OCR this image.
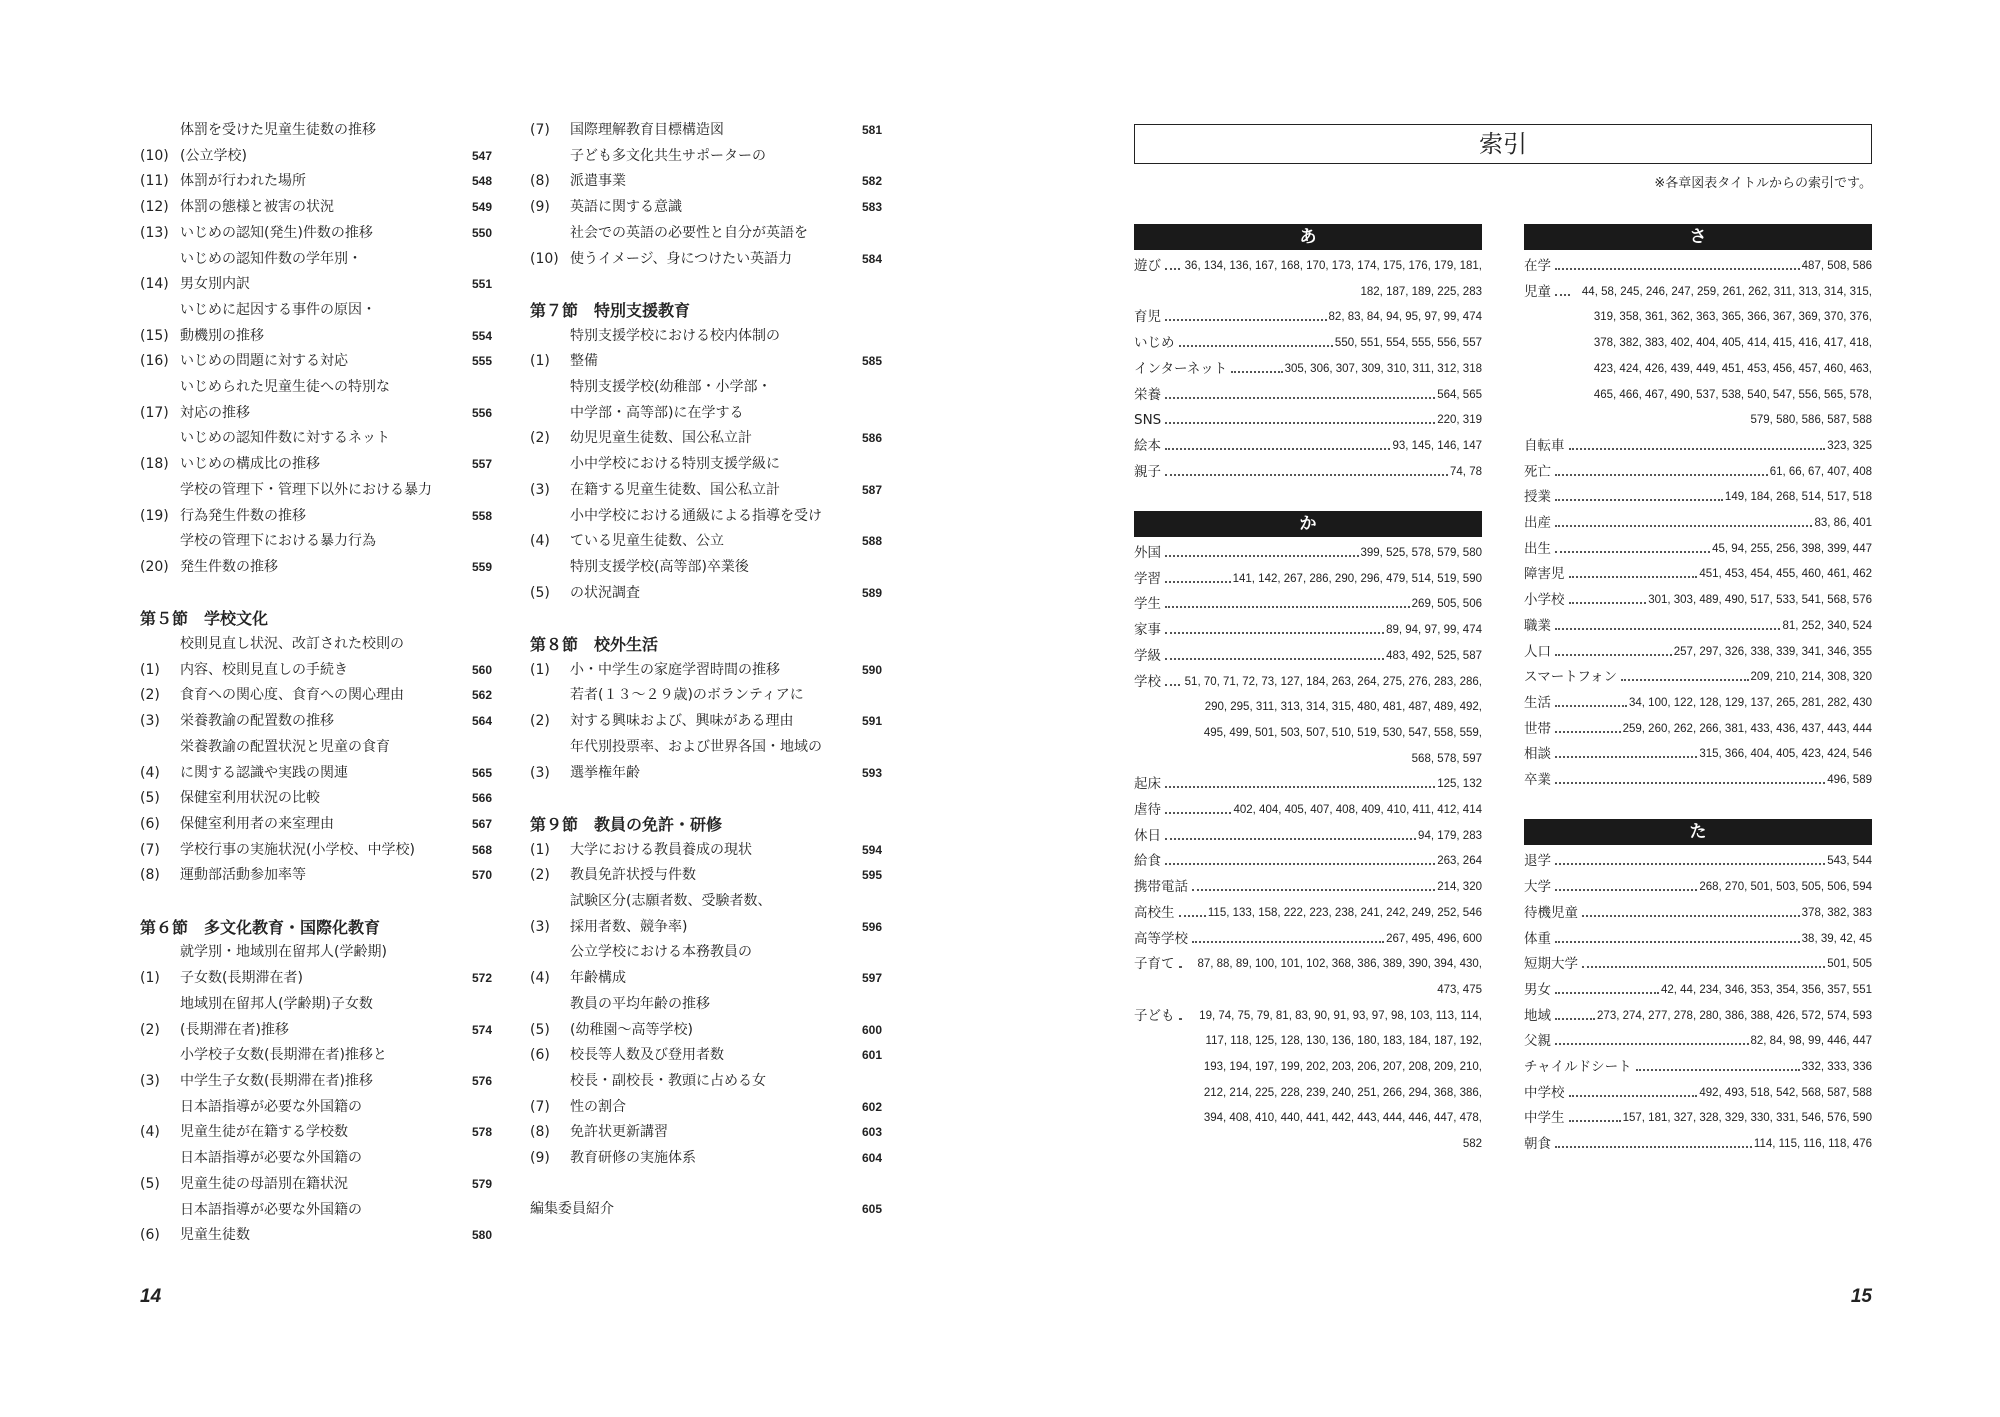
(10)
体罰を受けた児童生徒数の推移
(公立学校)	547
(11) 体罰が行われた場所	548
(12) 体罰の態様と被害の状況	549
(13) いじめの認知(発生)件数の推移	550
(14)
いじめの認知件数の学年別・
男女別内訳	551
(15)
いじめに起因する事件の原因・
動機別の推移	554
(16) いじめの問題に対する対応	555
(17)
いじめられた児童生徒への特別な
対応の推移	556
(18)
いじめの認知件数に対するネット
いじめの構成比の推移	557
(19)
学校の管理下・管理下以外における暴力
行為発生件数の推移	558
(20)
学校の管理下における暴力行為
発生件数の推移	559
第５節　学校文化
(1)
校則見直し状況、改訂された校則の
内容、校則見直しの手続き	560
(2)	食育への関心度、食育への関心理由	562
(3)	栄養教諭の配置数の推移	564
(4)
栄養教諭の配置状況と児童の食育
に関する認識や実践の関連	565
(5)	保健室利用状況の比較	566
(6)	保健室利用者の来室理由	567
(7)	学校行事の実施状況(小学校、中学校)	568
(8)	運動部活動参加率等	570
第６節　多文化教育・国際化教育
(1)
就学別・地域別在留邦人(学齢期)
子女数(長期滞在者)	572
(2)
地域別在留邦人(学齢期)子女数
(長期滞在者)推移	574
(3)
小学校子女数(長期滞在者)推移と
中学生子女数(長期滞在者)推移	576
(4)
日本語指導が必要な外国籍の
児童生徒が在籍する学校数	578
(5)
日本語指導が必要な外国籍の
児童生徒の母語別在籍状況	579
(6)
日本語指導が必要な外国籍の
児童生徒数	580
(7)	国際理解教育目標構造図	581
(8)
子ども多文化共生サポーターの
派遣事業	582
(9)	英語に関する意識	583
(10)
社会での英語の必要性と自分が英語を
使うイメージ、身につけたい英語力	584
第７節　特別支援教育
(1)
特別支援学校における校内体制の
整備	585
(2)
特別支援学校(幼稚部・小学部・
中学部・高等部)に在学する
幼児児童生徒数、国公私立計	586
(3)
小中学校における特別支援学級に
在籍する児童生徒数、国公私立計	587
(4)
小中学校における通級による指導を受け
ている児童生徒数、公立	588
(5)
特別支援学校(高等部)卒業後
の状況調査	589
第８節　校外生活
(1)	小・中学生の家庭学習時間の推移	590
(2)
若者(１３～２９歳)のボランティアに
対する興味および、興味がある理由	591
(3)
年代別投票率、および世界各国・地域の
選挙権年齢	593
第９節　教員の免許・研修
(1)	大学における教員養成の現状	594
(2)	教員免許状授与件数	595
(3)
試験区分(志願者数、受験者数、
採用者数、競争率)	596
(4)
公立学校における本務教員の
年齢構成	597
(5)
教員の平均年齢の推移
(幼稚園～高等学校)	600
(6)	校長等人数及び登用者数	601
(7)
校長・副校長・教頭に占める女
性の割合	602
(8)	免許状更新講習	603
(9)	教育研修の実施体系	604
編集委員紹介	605
索引
※各章図表タイトルからの索引です。
あ
遊び 36, 134, 136, 167, 168, 170, 173, 174, 175, 176, 179, 181, 182, 187, 189, 225, 283
育児	82, 83, 84, 94, 95, 97, 99, 474
いじめ	550, 551, 554, 555, 556, 557
インターネット	305, 306, 307, 309, 310, 311, 312, 318
栄養	564, 565
SNS	220, 319
絵本	93, 145, 146, 147
親子	74, 78
か
外国	399, 525, 578, 579, 580
学習	141, 142, 267, 286, 290, 296, 479, 514, 519, 590
学生	269, 505, 506
家事	89, 94, 97, 99, 474
学級	483, 492, 525, 587
学校 51, 70, 71, 72, 73, 127, 184, 263, 264, 275, 276, 283, 286, 290, 295, 311, 313, 314, 315, 480, 481, 487, 489, 492, 495, 499, 501, 503, 507, 510, 519, 530, 547, 558, 559, 568, 578, 597
起床	125, 132
虐待	402, 404, 405, 407, 408, 409, 410, 411, 412, 414
休日	94, 179, 283
給食	263, 264
携帯電話	214, 320
高校生	115, 133, 158, 222, 223, 238, 241, 242, 249, 252, 546
高等学校	267, 495, 496, 600
子育て	87, 88, 89, 100, 101, 102, 368, 386, 389, 390, 394, 430, 473, 475
子ども	19, 74, 75, 79, 81, 83, 90, 91, 93, 97, 98, 103, 113, 114, 117, 118, 125, 128, 130, 136, 180, 183, 184, 187, 192, 193, 194, 197, 199, 202, 203, 206, 207, 208, 209, 210, 212, 214, 225, 228, 239, 240, 251, 266, 294, 368, 386, 394, 408, 410, 440, 441, 442, 443, 444, 446, 447, 478, 582
さ
在学	487, 508, 586
児童	44, 58, 245, 246, 247, 259, 261, 262, 311, 313, 314, 315, 319, 358, 361, 362, 363, 365, 366, 367, 369, 370, 376, 378, 382, 383, 402, 404, 405, 414, 415, 416, 417, 418, 423, 424, 426, 439, 449, 451, 453, 456, 457, 460, 463, 465, 466, 467, 490, 537, 538, 540, 547, 556, 565, 578, 579, 580, 586, 587, 588
自転車	323, 325
死亡	61, 66, 67, 407, 408
授業	149, 184, 268, 514, 517, 518
出産	83, 86, 401
出生	45, 94, 255, 256, 398, 399, 447
障害児	451, 453, 454, 455, 460, 461, 462
小学校	301, 303, 489, 490, 517, 533, 541, 568, 576
職業	81, 252, 340, 524
人口	257, 297, 326, 338, 339, 341, 346, 355
スマートフォン	209, 210, 214, 308, 320
生活	34, 100, 122, 128, 129, 137, 265, 281, 282, 430
世帯	259, 260, 262, 266, 381, 433, 436, 437, 443, 444
相談	315, 366, 404, 405, 423, 424, 546
卒業	496, 589
た
退学	543, 544
大学	268, 270, 501, 503, 505, 506, 594
待機児童	378, 382, 383
体重	38, 39, 42, 45
短期大学	501, 505
男女	42, 44, 234, 346, 353, 354, 356, 357, 551
地域	273, 274, 277, 278, 280, 386, 388, 426, 572, 574, 593
父親	82, 84, 98, 99, 446, 447
チャイルドシート	332, 333, 336
中学校	492, 493, 518, 542, 568, 587, 588
中学生	157, 181, 327, 328, 329, 330, 331, 546, 576, 590
朝食	114, 115, 116, 118, 476
14	15
